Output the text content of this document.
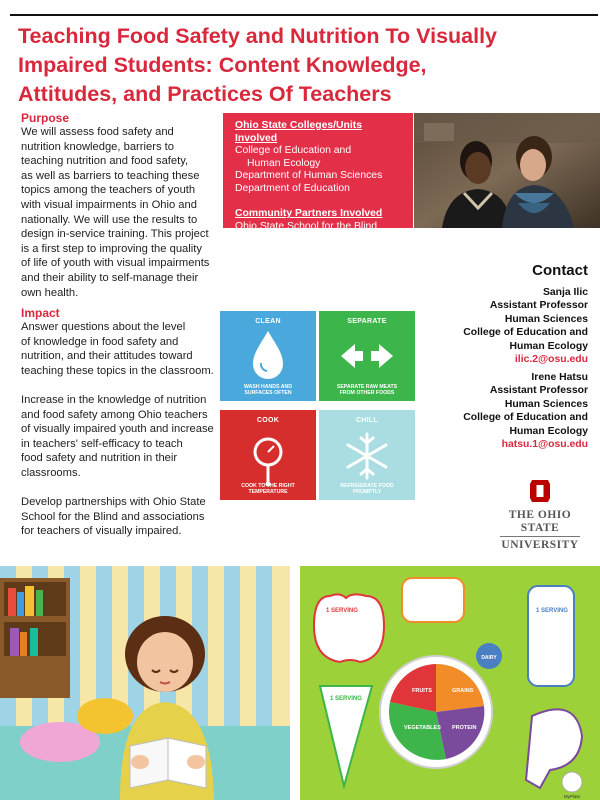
Teaching Food Safety and Nutrition To Visually
Impaired Students: Content Knowledge,
Attitudes, and Practices Of Teachers
Purpose
We will assess food safety and
nutrition knowledge, barriers to
teaching nutrition and food safety,
as well as barriers to teaching these
topics among the teachers of youth
with visual impairments in Ohio and
nationally. We will use the results to
design in-service training. This project
is a first step to improving the quality
of life of youth with visual impairments
and their ability to self-manage their
own health.
Impact
Answer questions about the level
of knowledge in food safety and
nutrition, and their attitudes toward
teaching these topics in the classroom.
Increase in the knowledge of nutrition
and food safety among Ohio teachers
of visually impaired youth and increase
in teachers' self-efficacy to teach
food safety and nutrition in their
classrooms.
Develop partnerships with Ohio State
School for the Blind and associations
for teachers of visually impaired.
Ohio State Colleges/Units Involved
College of Education and
Human Ecology
Department of Human Sciences
Department of Education
Community Partners Involved
Ohio State School for the Blind
Contact
Sanja Ilic
Assistant Professor
Human Sciences
College of Education and
Human Ecology
ilic.2@osu.edu
Irene Hatsu
Assistant Professor
Human Sciences
College of Education and
Human Ecology
hatsu.1@osu.edu
CLEAN
WASH HANDS AND
SURFACES OFTEN
SEPARATE
SEPARATE RAW MEATS
FROM OTHER FOODS
COOK
COOK TO THE RIGHT
TEMPERATURE
CHILL
REFRIGERATE FOOD
PROMPTLY
THE OHIO STATE
UNIVERSITY
1 SERVING	1 SERVING
1 SERVING
DAIRY
FRUITS	GRAINS
VEGETABLES PROTEIN
MyPlate
